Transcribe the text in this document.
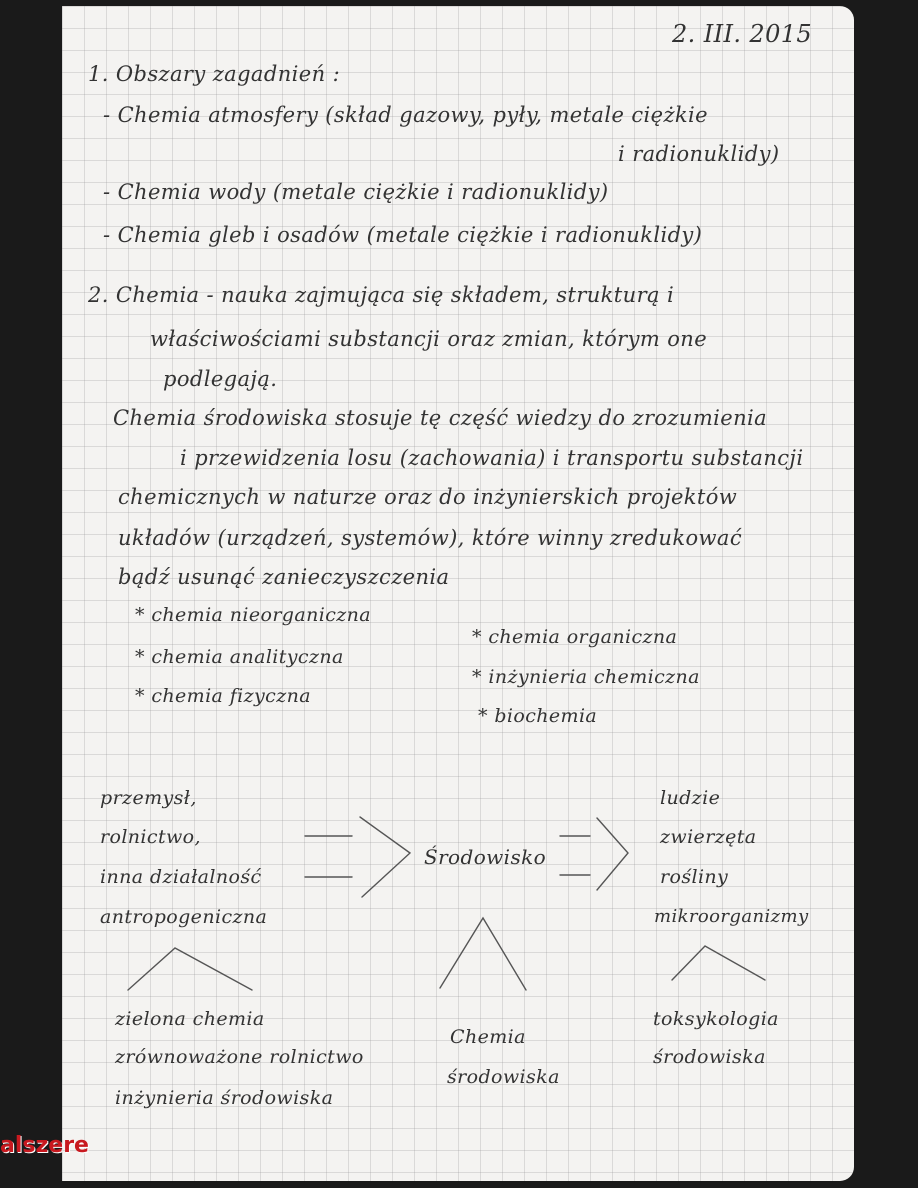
2. III. 2015
1. Obszary zagadnień :
- Chemia atmosfery (skład gazowy, pyły, metale ciężkie
i radionuklidy)
- Chemia wody (metale ciężkie i radionuklidy)
- Chemia gleb i osadów (metale ciężkie i radionuklidy)
2. Chemia - nauka zajmująca się składem, strukturą i
właściwościami substancji oraz zmian, którym one
podlegają.
Chemia środowiska stosuje tę część wiedzy do zrozumienia
i przewidzenia losu (zachowania) i transportu substancji
chemicznych w naturze oraz do inżynierskich projektów
układów (urządzeń, systemów), które winny zredukować
bądź usunąć zanieczyszczenia
* chemia nieorganiczna
* chemia analityczna
* chemia fizyczna
* chemia organiczna
* inżynieria chemiczna
* biochemia
przemysł,
rolnictwo,
inna działalność
antropogeniczna
Środowisko
ludzie
zwierzęta
rośliny
mikroorganizmy
zielona chemia
zrównoważone rolnictwo
inżynieria środowiska
Chemia
środowiska
toksykologia
środowiska
alszere
